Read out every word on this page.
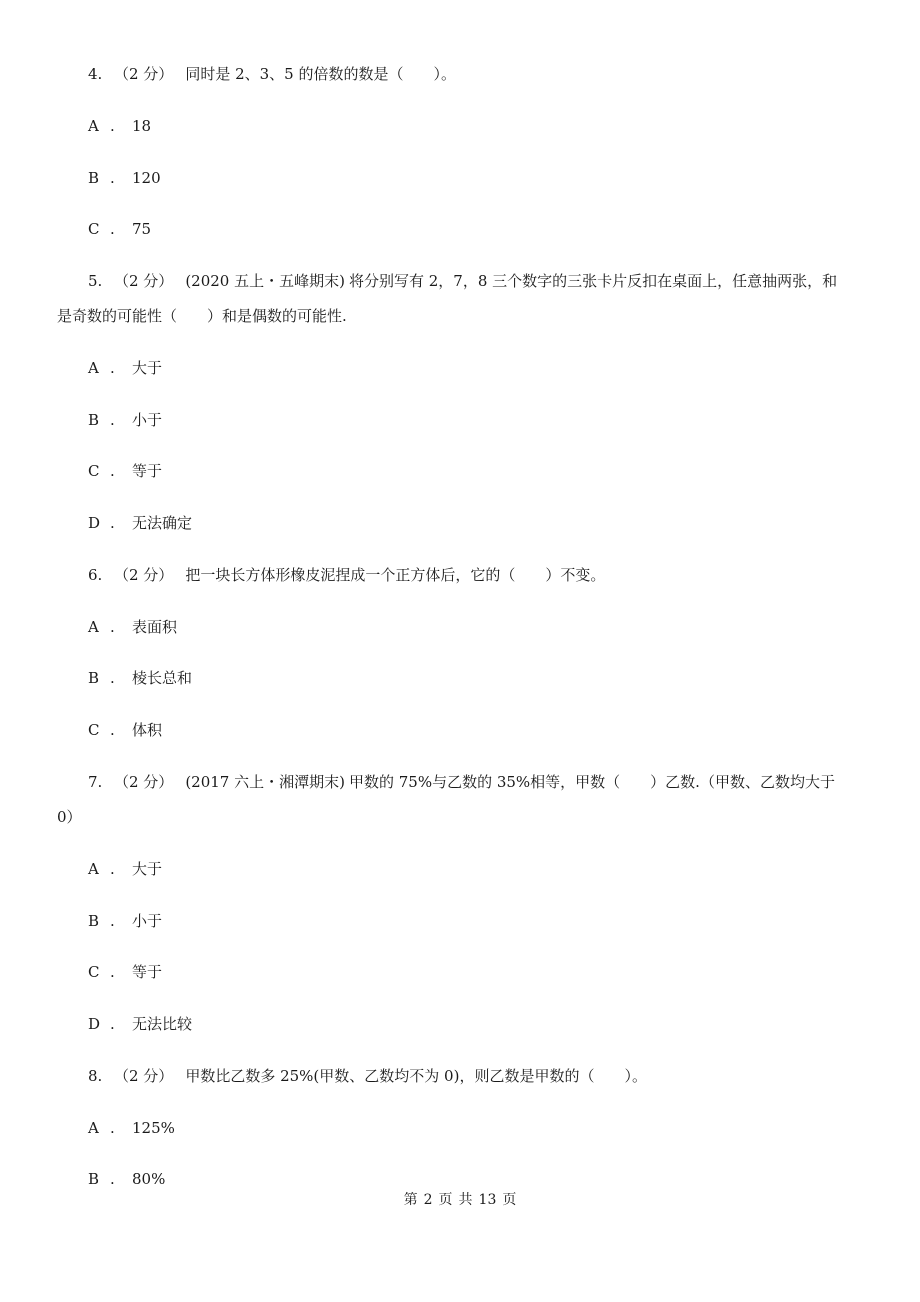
4. （2 分） 同时是 2、3、5 的倍数的数是（　　）。
A . 18
B . 120
C . 75
5. （2 分） (2020 五上・五峰期末) 将分别写有 2，7，8 三个数字的三张卡片反扣在桌面上，任意抽两张，和
是奇数的可能性（　　）和是偶数的可能性.
A . 大于
B . 小于
C . 等于
D . 无法确定
6. （2 分） 把一块长方体形橡皮泥捏成一个正方体后，它的（　　）不变。
A . 表面积
B . 棱长总和
C . 体积
7. （2 分） (2017 六上・湘潭期末) 甲数的 75%与乙数的 35%相等，甲数（　　）乙数.（甲数、乙数均大于
0）
A . 大于
B . 小于
C . 等于
D . 无法比较
8. （2 分） 甲数比乙数多 25%(甲数、乙数均不为 0)，则乙数是甲数的（　　）。
A . 125%
B . 80%
第 2 页 共 13 页
